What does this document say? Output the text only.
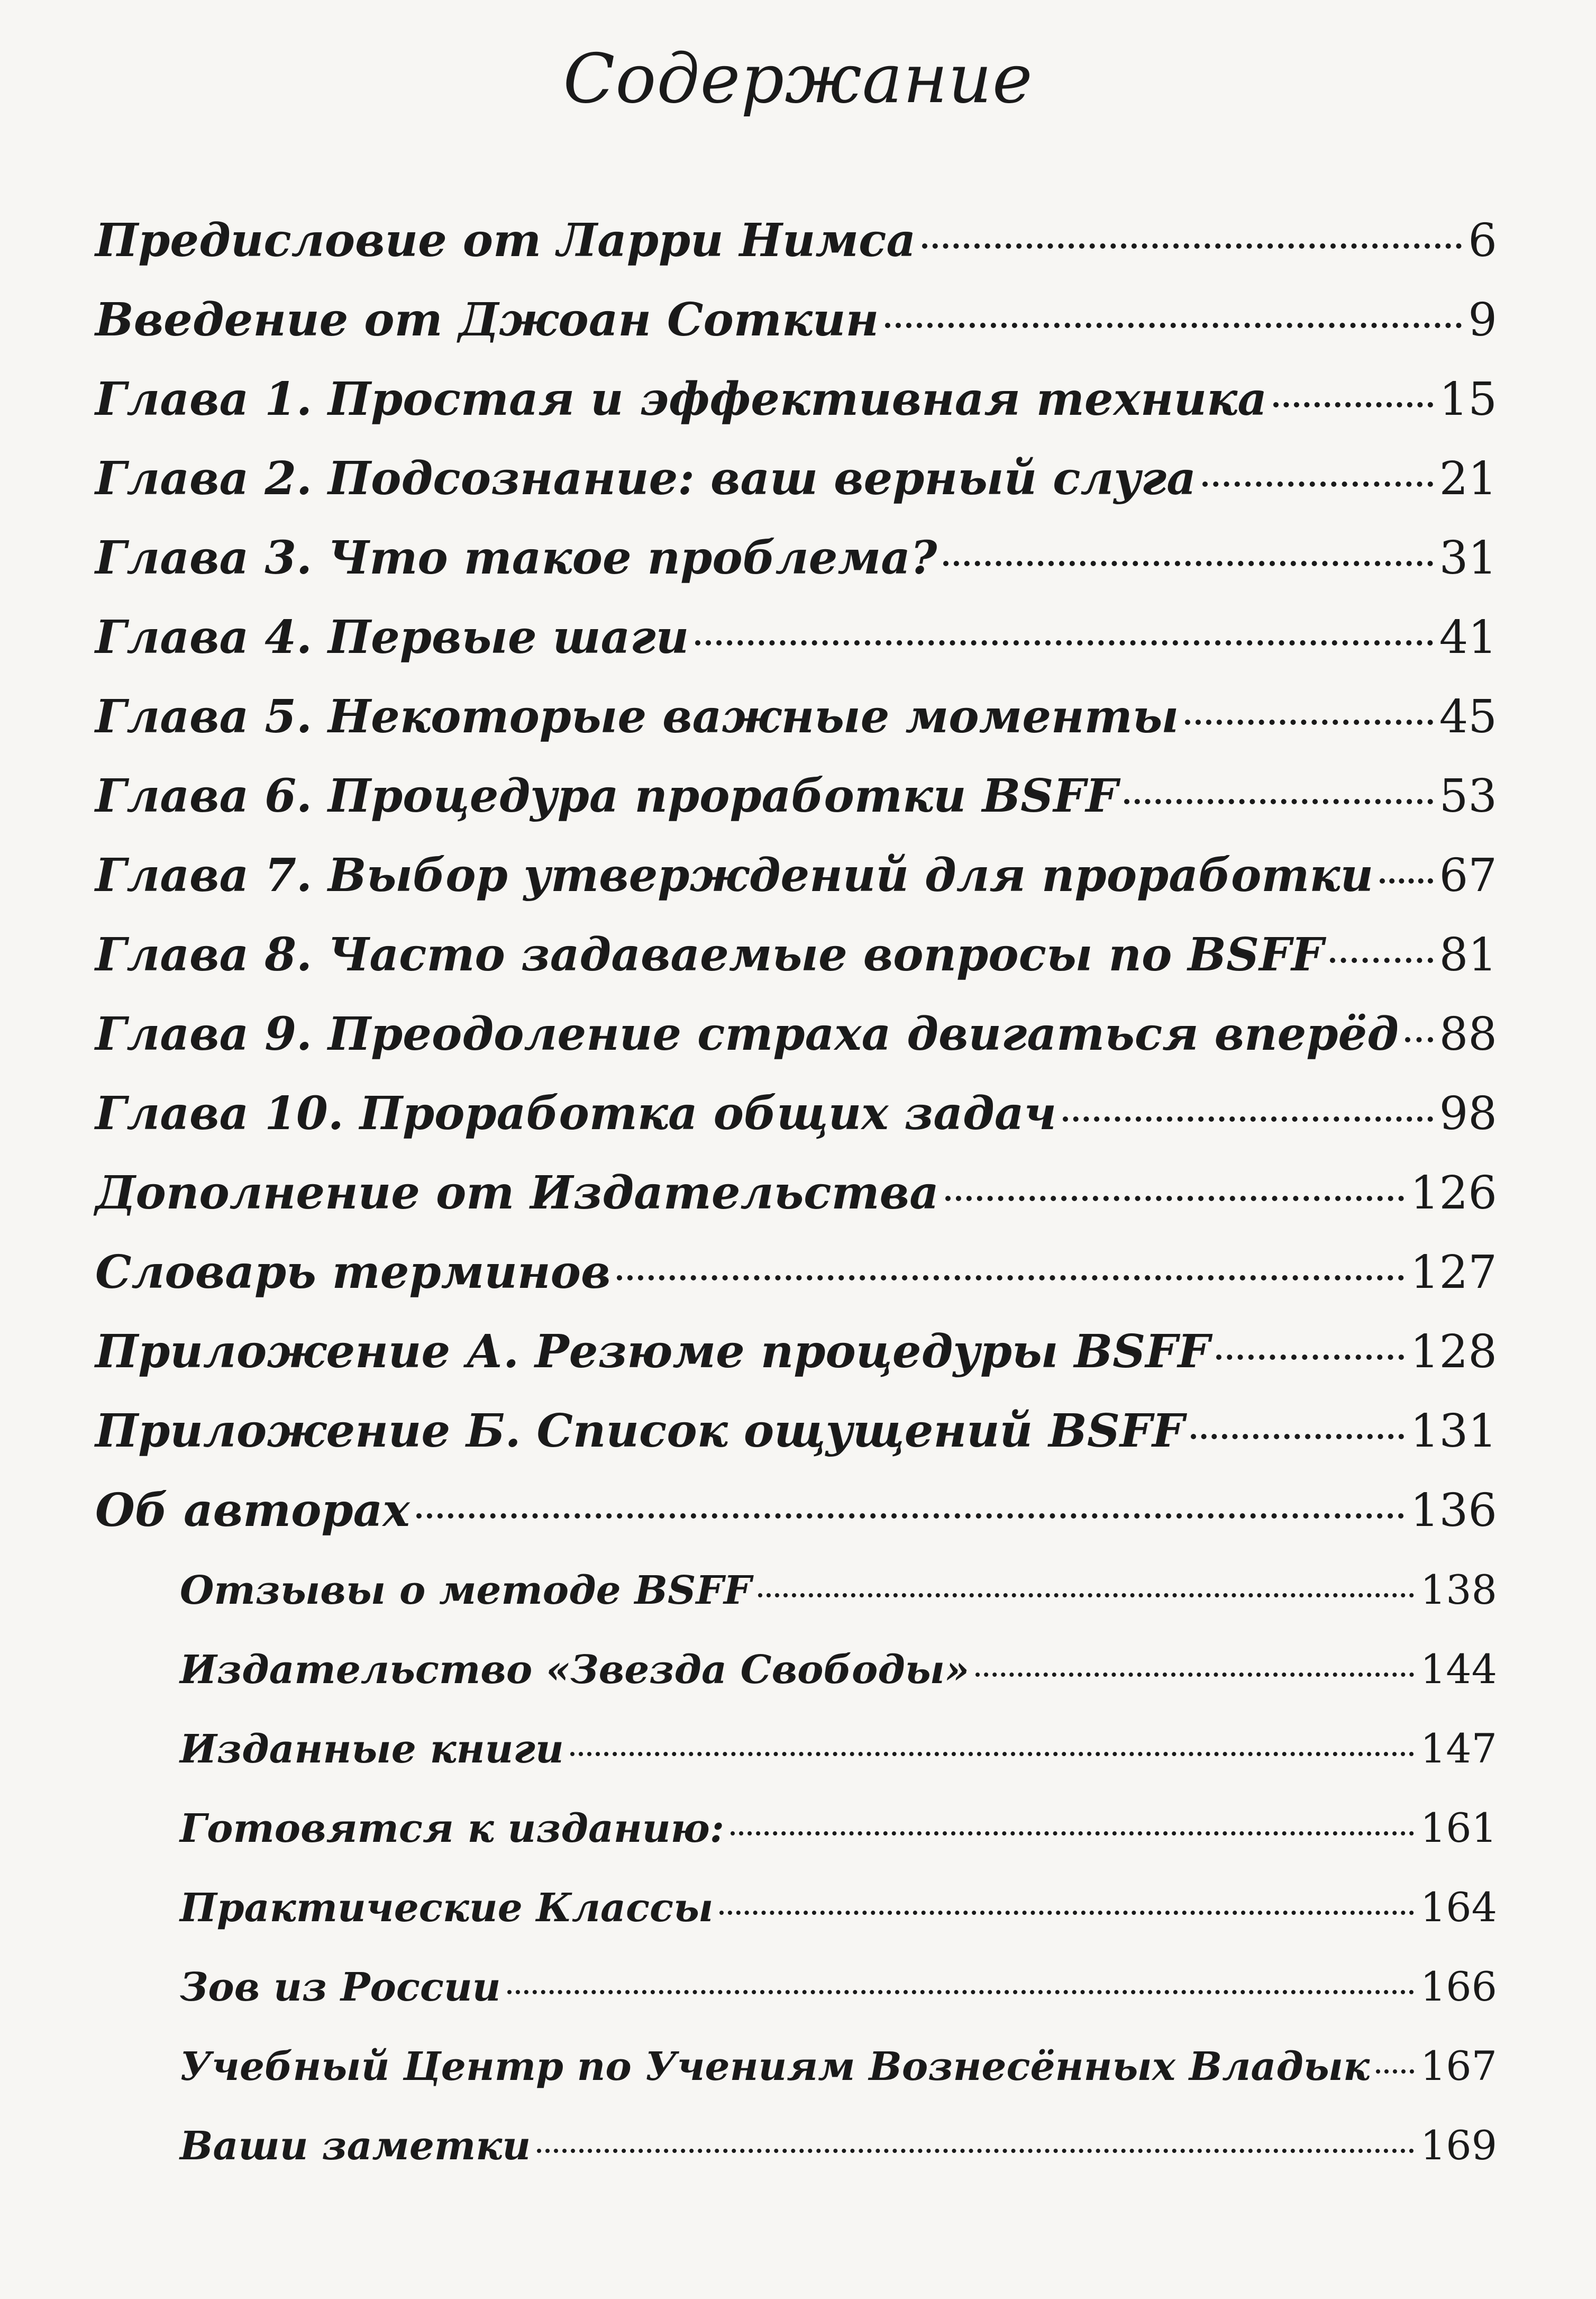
Содержание
Предисловие от Ларри Нимса	6
Введение от Джоан Соткин	9
Глава 1. Простая и эффективная техника	15
Глава 2. Подсознание: ваш верный слуга	21
Глава 3. Что такое проблема?	31
Глава 4. Первые шаги	41
Глава 5. Некоторые важные моменты	45
Глава 6. Процедура проработки BSFF	53
Глава 7. Выбор утверждений для проработки 67
Глава 8. Часто задаваемые вопросы по BSFF	81
Глава 9. Преодоление страха двигаться вперёд 88
Глава 10. Проработка общих задач	98
Дополнение от Издательства	126
Словарь терминов	127
Приложение А. Резюме процедуры BSFF	128
Приложение Б. Список ощущений BSFF	131
Об авторах	136
Отзывы о методе BSFF	138
Издательство «Звезда Свободы»	144
Изданные книги	147
Готовятся к изданию:	161
Практические Классы	164
Зов из России	166
Учебный Центр по Учениям Вознесённых Владык 167
Ваши заметки	169
